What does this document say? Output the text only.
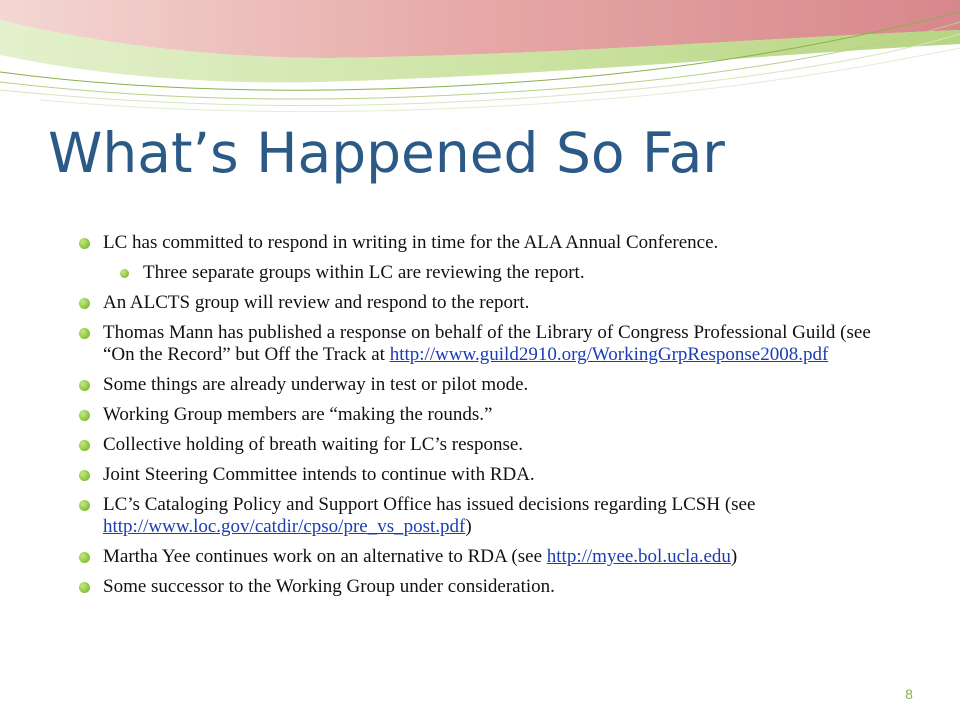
What’s Happened So Far
LC has committed to respond in writing in time for the ALA Annual Conference.
Three separate groups within LC are reviewing the report.
An ALCTS group will review and respond to the report.
Thomas Mann has published a response on behalf of the Library of Congress Professional Guild (see “On the Record” but Off the Track at http://www.guild2910.org/WorkingGrpResponse2008.pdf
Some things are already underway in test or pilot mode.
Working Group members are “making the rounds.”
Collective holding of breath waiting for LC’s response.
Joint Steering Committee intends to continue with RDA.
LC’s Cataloging Policy and Support Office has issued decisions regarding LCSH (see http://www.loc.gov/catdir/cpso/pre_vs_post.pdf)
Martha Yee continues work on an alternative to RDA (see http://myee.bol.ucla.edu)
Some successor to the Working Group under consideration.
8
